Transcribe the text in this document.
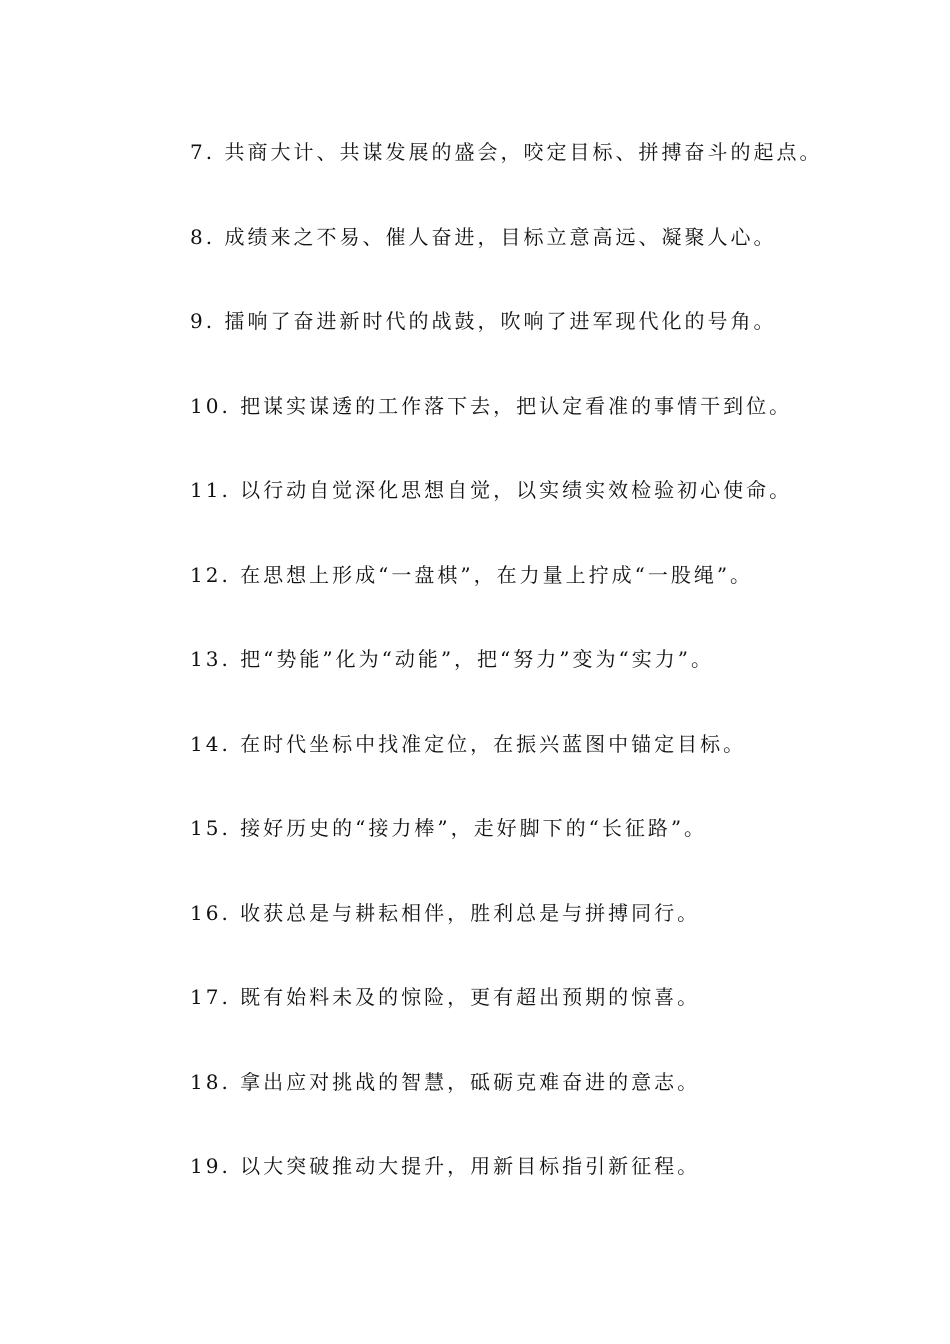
7. 共商大计、共谋发展的盛会，咬定目标、拼搏奋斗的起点。
8. 成绩来之不易、催人奋进，目标立意高远、凝聚人心。
9. 擂响了奋进新时代的战鼓，吹响了进军现代化的号角。
10. 把谋实谋透的工作落下去，把认定看准的事情干到位。
11. 以行动自觉深化思想自觉，以实绩实效检验初心使命。
12. 在思想上形成“一盘棋”，在力量上拧成“一股绳”。
13. 把“势能”化为“动能”，把“努力”变为“实力”。
14. 在时代坐标中找准定位，在振兴蓝图中锚定目标。
15. 接好历史的“接力棒”，走好脚下的“长征路”。
16. 收获总是与耕耘相伴，胜利总是与拼搏同行。
17. 既有始料未及的惊险，更有超出预期的惊喜。
18. 拿出应对挑战的智慧，砥砺克难奋进的意志。
19. 以大突破推动大提升，用新目标指引新征程。
